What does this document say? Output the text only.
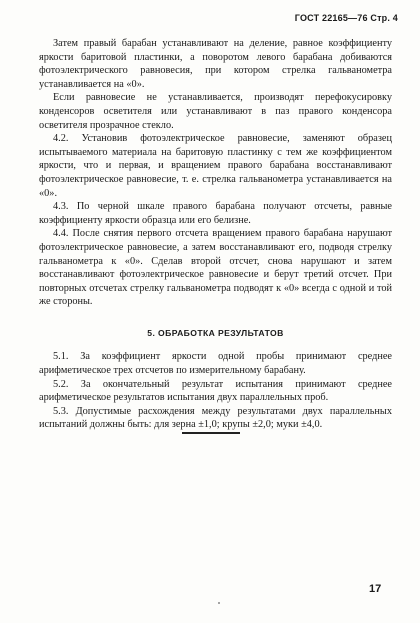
ГОСТ 22165—76 Стр. 4

Затем правый барабан устанавливают на деление, равное коэффициенту яркости баритовой пластинки, а поворотом левого барабана добиваются фотоэлектрического равновесия, при котором стрелка гальванометра устанавливается на «0».

Если равновесие не устанавливается, производят перефокусировку конденсоров осветителя или устанавливают в паз правого конденсора осветителя прозрачное стекло.

4.2. Установив фотоэлектрическое равновесие, заменяют образец испытываемого материала на баритовую пластинку с тем же коэффициентом яркости, что и первая, и вращением правого барабана восстанавливают фотоэлектрическое равновесие, т. е. стрелка гальванометра устанавливается на «0».

4.3. По черной шкале правого барабана получают отсчеты, равные коэффициенту яркости образца или его белизне.

4.4. После снятия первого отсчета вращением правого барабана нарушают фотоэлектрическое равновесие, а затем восстанавливают его, подводя стрелку гальванометра к «0». Сделав второй отсчет, снова нарушают и затем восстанавливают фотоэлектрическое равновесие и берут третий отсчет. При повторных отсчетах стрелку гальванометра подводят к «0» всегда с одной и той же стороны.

5. ОБРАБОТКА РЕЗУЛЬТАТОВ

5.1. За коэффициент яркости одной пробы принимают среднее арифметическое трех отсчетов по измерительному барабану.

5.2. За окончательный результат испытания принимают среднее арифметическое результатов испытания двух параллельных проб.

5.3. Допустимые расхождения между результатами двух параллельных испытаний должны быть: для зерна ±1,0; крупы ±2,0; муки ±4,0.

17
